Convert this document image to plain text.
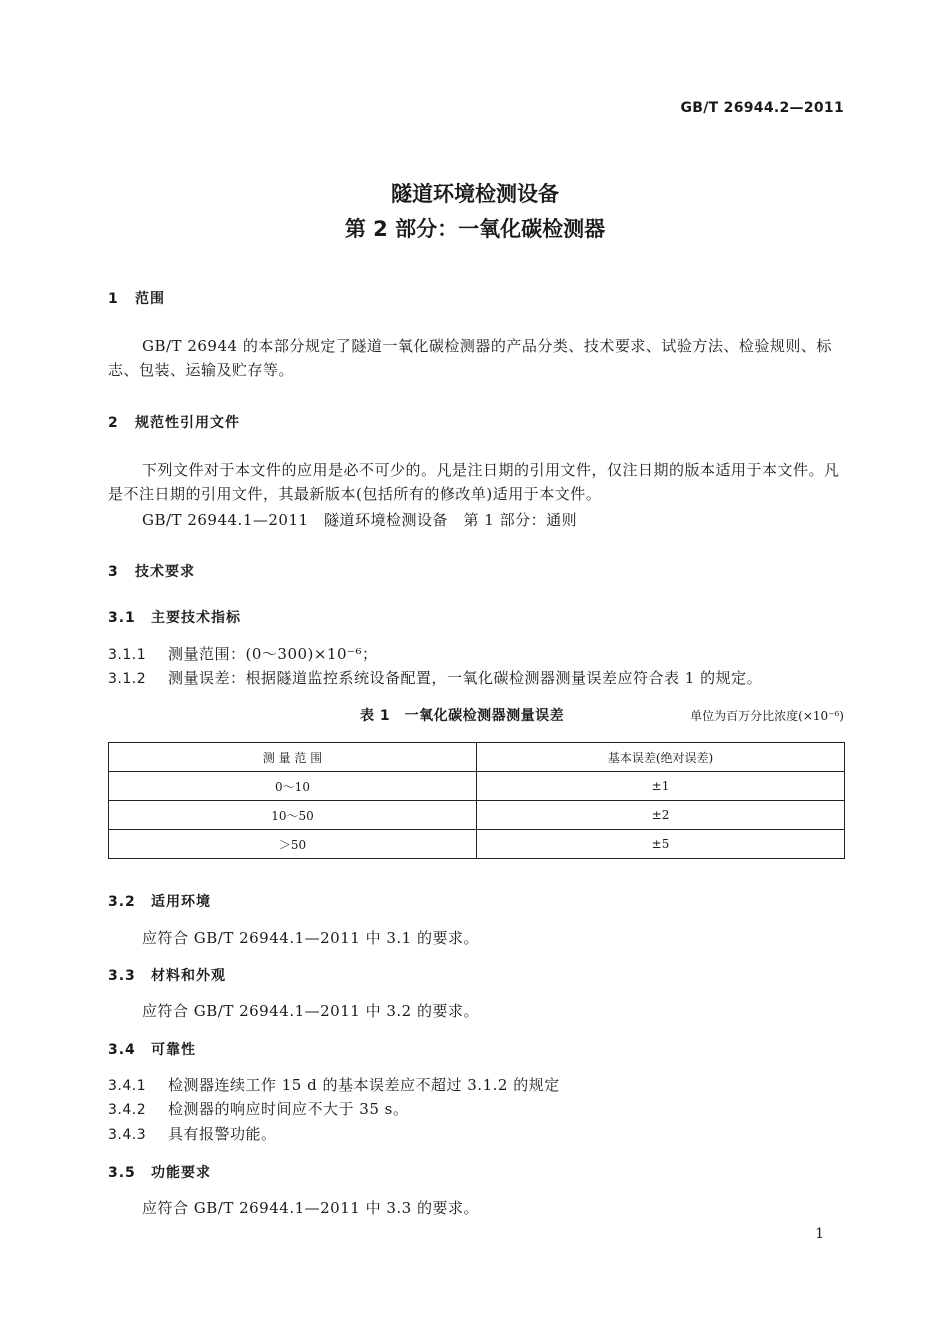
GB/T 26944.2—2011
隧道环境检测设备
第 2 部分：一氧化碳检测器
1 范围
GB/T 26944 的本部分规定了隧道一氧化碳检测器的产品分类、技术要求、试验方法、检验规则、标志、包装、运输及贮存等。
2 规范性引用文件
下列文件对于本文件的应用是必不可少的。凡是注日期的引用文件，仅注日期的版本适用于本文件。凡是不注日期的引用文件，其最新版本(包括所有的修改单)适用于本文件。
GB/T 26944.1—2011　隧道环境检测设备　第 1 部分：通则
3 技术要求
3.1 主要技术指标
3.1.1 测量范围：(0～300)×10⁻⁶；
3.1.2 测量误差：根据隧道监控系统设备配置，一氧化碳检测器测量误差应符合表 1 的规定。
表 1　一氧化碳检测器测量误差	单位为百万分比浓度(×10⁻⁶)
测 量 范 围	基本误差(绝对误差)
0～10	±1
10～50	±2
＞50	±5
3.2 适用环境
应符合 GB/T 26944.1—2011 中 3.1 的要求。
3.3 材料和外观
应符合 GB/T 26944.1—2011 中 3.2 的要求。
3.4 可靠性
3.4.1 检测器连续工作 15 d 的基本误差应不超过 3.1.2 的规定
3.4.2 检测器的响应时间应不大于 35 s。
3.4.3 具有报警功能。
3.5 功能要求
应符合 GB/T 26944.1—2011 中 3.3 的要求。
1
